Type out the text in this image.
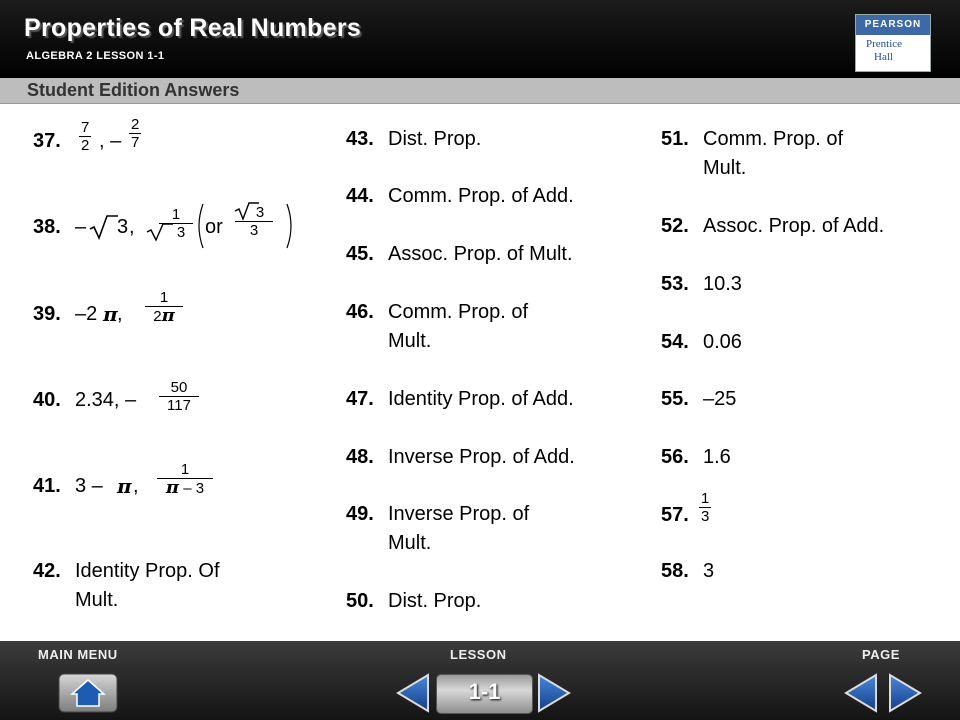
Properties of Real Numbers
ALGEBRA 2 LESSON 1-1
PEARSON
Prentice
Hall
Student Edition Answers
37. $\frac{7}{2}$ , – $\frac{2}{7}$
38. – 3 , $\frac{1}{3}$ or $\frac{3}{3}$
39. –2 π , $\frac{1}{2\pi}$
40. 2.34, – $\frac{50}{117}$
41. 3 – π , $\frac{1}{\pi - 3}$
42. Identity Prop. Of
Mult.
43. Dist. Prop.
44. Comm. Prop. of Add.
45. Assoc. Prop. of Mult.
46. Comm. Prop. of
Mult.
47. Identity Prop. of Add.
48. Inverse Prop. of Add.
49. Inverse Prop. of
Mult.
50. Dist. Prop.
51. Comm. Prop. of
Mult.
52. Assoc. Prop. of Add.
53. 10.3
54. 0.06
55. –25
56. 1.6
57. $\frac{1}{3}$
58. 3
MAIN MENU	LESSON	PAGE
1-1
